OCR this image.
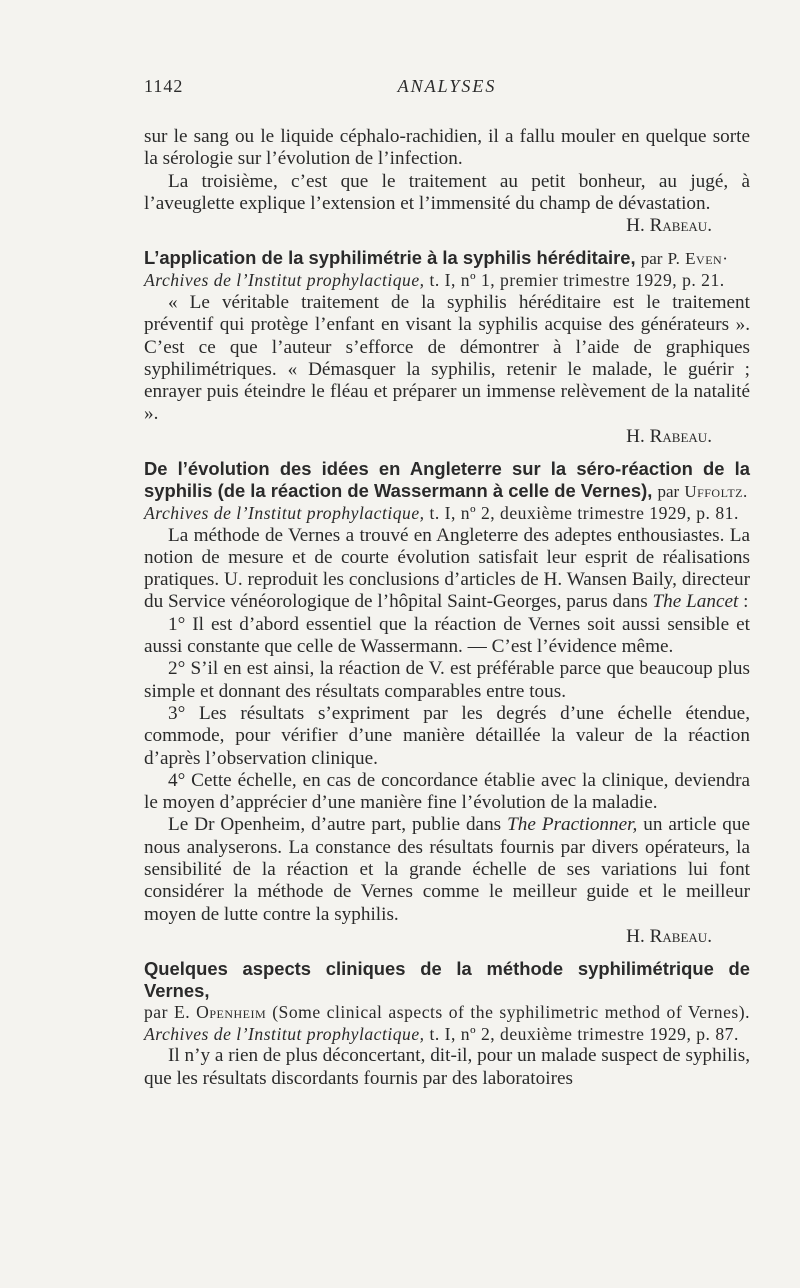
1142	ANALYSES

sur le sang ou le liquide céphalo-rachidien, il a fallu mouler en quelque sorte la sérologie sur l’évolution de l’infection.

La troisième, c’est que le traitement au petit bonheur, au jugé, à l’aveuglette explique l’extension et l’immensité du champ de dévastation.

H. Rabeau.

L’application de la syphilimétrie à la syphilis héréditaire, par P. Even·
Archives de l’Institut prophylactique, t. I, nº 1, premier trimestre 1929, p. 21.

« Le véritable traitement de la syphilis héréditaire est le traitement préventif qui protège l’enfant en visant la syphilis acquise des générateurs ». C’est ce que l’auteur s’efforce de démontrer à l’aide de graphiques syphilimétriques. « Démasquer la syphilis, retenir le malade, le guérir ; enrayer puis éteindre le fléau et préparer un immense relèvement de la natalité ».

H. Rabeau.

De l’évolution des idées en Angleterre sur la séro-réaction de la syphilis (de la réaction de Wassermann à celle de Vernes), par Uffoltz.
Archives de l’Institut prophylactique, t. I, nº 2, deuxième trimestre 1929, p. 81.

La méthode de Vernes a trouvé en Angleterre des adeptes enthousiastes. La notion de mesure et de courte évolution satisfait leur esprit de réalisations pratiques. U. reproduit les conclusions d’articles de H. Wansen Baily, directeur du Service vénéorologique de l’hôpital Saint-Georges, parus dans The Lancet :

1° Il est d’abord essentiel que la réaction de Vernes soit aussi sensible et aussi constante que celle de Wassermann. — C’est l’évidence même.

2° S’il en est ainsi, la réaction de V. est préférable parce que beaucoup plus simple et donnant des résultats comparables entre tous.

3° Les résultats s’expriment par les degrés d’une échelle étendue, commode, pour vérifier d’une manière détaillée la valeur de la réaction d’après l’observation clinique.

4° Cette échelle, en cas de concordance établie avec la clinique, deviendra le moyen d’apprécier d’une manière fine l’évolution de la maladie.

Le Dr Openheim, d’autre part, publie dans The Practionner, un article que nous analyserons. La constance des résultats fournis par divers opérateurs, la sensibilité de la réaction et la grande échelle de ses variations lui font considérer la méthode de Vernes comme le meilleur guide et le meilleur moyen de lutte contre la syphilis.

H. Rabeau.

Quelques aspects cliniques de la méthode syphilimétrique de Vernes,
par E. Openheim (Some clinical aspects of the syphilimetric method of Vernes). Archives de l’Institut prophylactique, t. I, nº 2, deuxième trimestre 1929, p. 87.

Il n’y a rien de plus déconcertant, dit-il, pour un malade suspect de syphilis, que les résultats discordants fournis par des laboratoires
